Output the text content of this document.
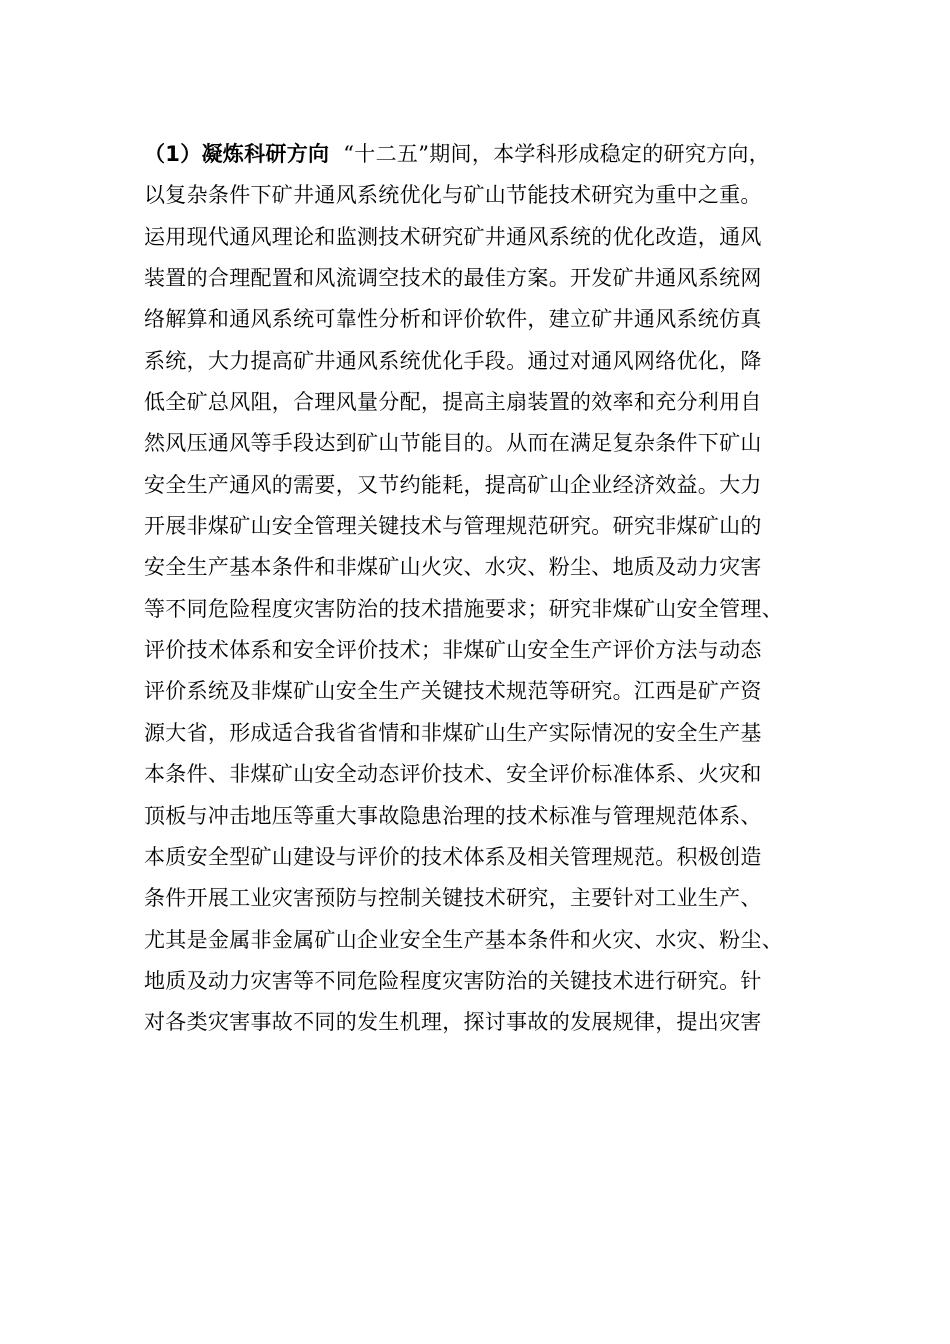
（1）凝炼科研方向 “十二五”期间，本学科形成稳定的研究方向，
以复杂条件下矿井通风系统优化与矿山节能技术研究为重中之重。
运用现代通风理论和监测技术研究矿井通风系统的优化改造，通风
装置的合理配置和风流调空技术的最佳方案。开发矿井通风系统网
络解算和通风系统可靠性分析和评价软件，建立矿井通风系统仿真
系统，大力提高矿井通风系统优化手段。通过对通风网络优化，降
低全矿总风阻，合理风量分配，提高主扇装置的效率和充分利用自
然风压通风等手段达到矿山节能目的。从而在满足复杂条件下矿山
安全生产通风的需要，又节约能耗，提高矿山企业经济效益。大力
开展非煤矿山安全管理关键技术与管理规范研究。研究非煤矿山的
安全生产基本条件和非煤矿山火灾、水灾、粉尘、地质及动力灾害
等不同危险程度灾害防治的技术措施要求；研究非煤矿山安全管理、
评价技术体系和安全评价技术；非煤矿山安全生产评价方法与动态
评价系统及非煤矿山安全生产关键技术规范等研究。江西是矿产资
源大省，形成适合我省省情和非煤矿山生产实际情况的安全生产基
本条件、非煤矿山安全动态评价技术、安全评价标准体系、火灾和
顶板与冲击地压等重大事故隐患治理的技术标准与管理规范体系、
本质安全型矿山建设与评价的技术体系及相关管理规范。积极创造
条件开展工业灾害预防与控制关键技术研究，主要针对工业生产、
尤其是金属非金属矿山企业安全生产基本条件和火灾、水灾、粉尘、
地质及动力灾害等不同危险程度灾害防治的关键技术进行研究。针
对各类灾害事故不同的发生机理，探讨事故的发展规律，提出灾害
